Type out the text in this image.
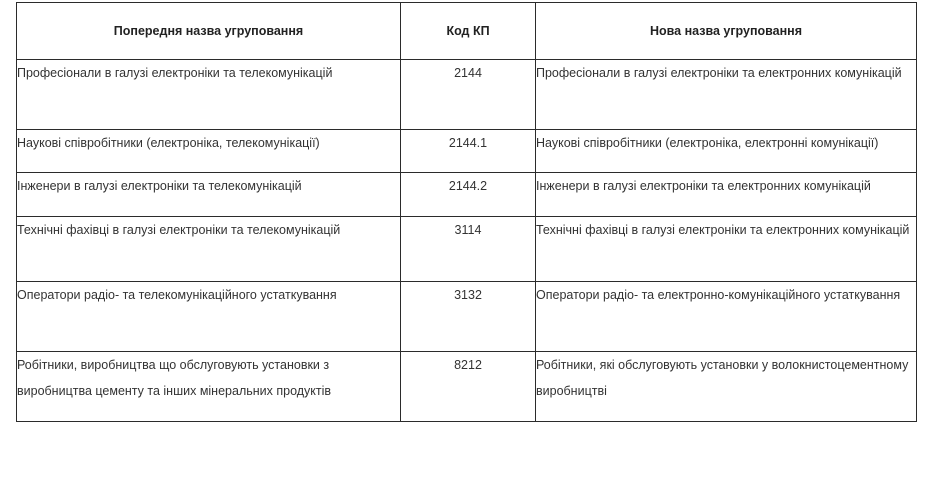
Попередня назва угруповання	Код КП	Нова назва угруповання

Професіонали в галузі електроніки та телекомунікацій	2144	Професіонали в галузі електроніки та електронних комунікацій

Наукові співробітники (електроніка, телекомунікації)	2144.1	Наукові співробітники (електроніка, електронні комунікації)

Інженери в галузі електроніки та телекомунікацій	2144.2	Інженери в галузі електроніки та електронних комунікацій

Технічні фахівці в галузі електроніки та телекомунікацій	3114	Технічні фахівці в галузі електроніки та електронних комунікацій

Оператори радіо- та телекомунікаційного устаткування	3132	Оператори радіо- та електронно-комунікаційного устаткування

Робітники, виробництва що обслуговують установки з виробництва цементу та інших мінеральних продуктів	8212	Робітники, які обслуговують установки у волокнистоцементному виробництві
